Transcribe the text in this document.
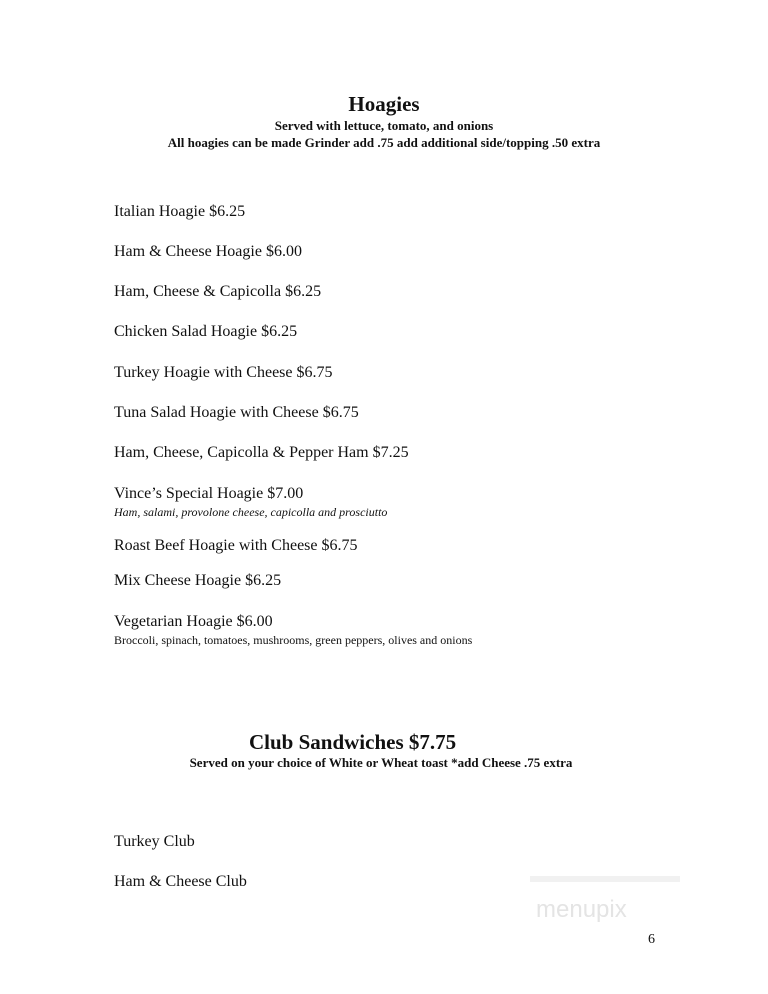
Hoagies
Served with lettuce, tomato, and onions
All hoagies can be made Grinder add .75 add additional side/topping .50 extra
Italian Hoagie $6.25
Ham & Cheese Hoagie $6.00
Ham, Cheese & Capicolla $6.25
Chicken Salad Hoagie $6.25
Turkey Hoagie with Cheese $6.75
Tuna Salad Hoagie with Cheese $6.75
Ham, Cheese, Capicolla & Pepper Ham $7.25
Vince’s Special Hoagie $7.00
Ham, salami, provolone cheese, capicolla and prosciutto
Roast Beef Hoagie with Cheese $6.75
Mix Cheese Hoagie $6.25
Vegetarian Hoagie $6.00
Broccoli, spinach, tomatoes, mushrooms, green peppers, olives and onions
Club Sandwiches $7.75
Served on your choice of White or Wheat toast *add Cheese .75 extra
Turkey Club
Ham & Cheese Club
menupix
6
